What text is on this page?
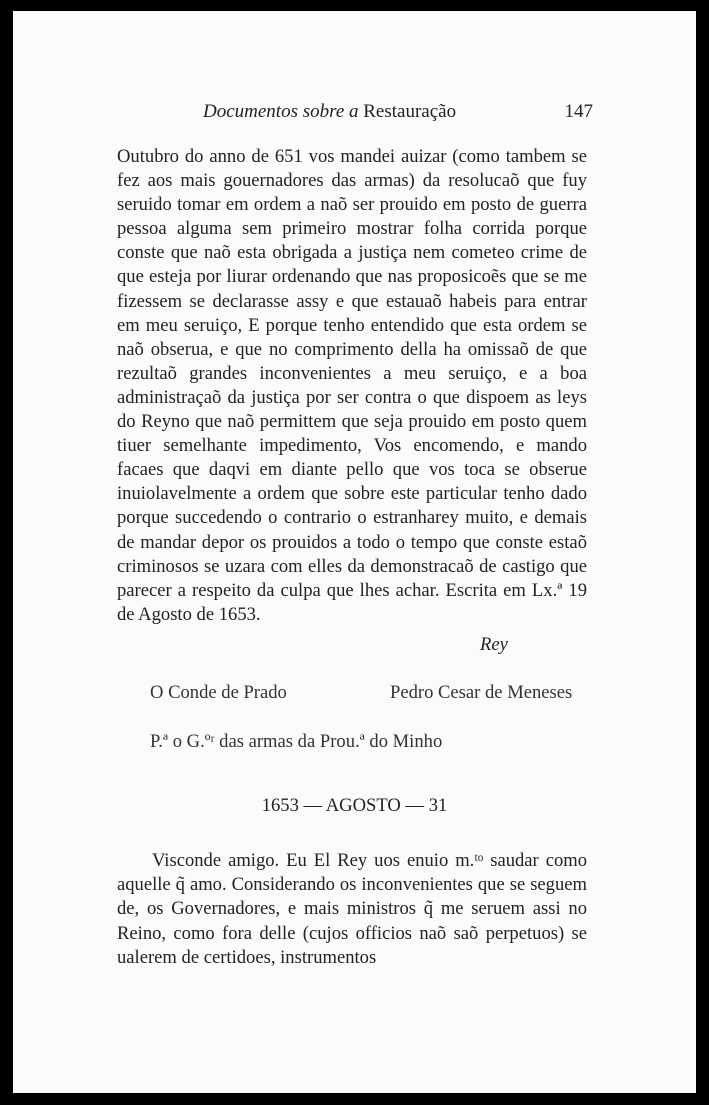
Documentos sobre a Restauração	147
Outubro do anno de 651 vos mandei auizar (como tambem se fez aos mais gouernadores das armas) da resolucaõ que fuy seruido tomar em ordem a naõ ser prouido em posto de guerra pessoa alguma sem primeiro mostrar folha corrida porque conste que naõ esta obrigada a justiça nem cometeo crime de que esteja por liurar ordenando que nas proposicoẽs que se me fizessem se declarasse assy e que estauaõ habeis para entrar em meu seruiço, E porque tenho entendido que esta ordem se naõ obserua, e que no comprimento della ha omissaõ de que rezultaõ grandes inconvenientes a meu seruiço, e a boa administraçaõ da justiça por ser contra o que dispoem as leys do Reyno que naõ permittem que seja prouido em posto quem tiuer semelhante impedimento, Vos encomendo, e mando facaes que daqvi em diante pello que vos toca se obserue inuiolavelmente a ordem que sobre este particular tenho dado porque succedendo o contrario o estranharey muito, e demais de mandar depor os prouidos a todo o tempo que conste estaõ criminosos se uzara com elles da demonstracaõ de castigo que parecer a respeito da culpa que lhes achar. Escrita em Lx.ª 19 de Agosto de 1653.
Rey
O Conde de Prado	Pedro Cesar de Meneses
P.ª o G.ºʳ das armas da Prou.ª do Minho
1653 — AGOSTO — 31
Visconde amigo. Eu El Rey uos enuio m.ᵗᵒ saudar como aquelle q̃ amo. Considerando os inconvenientes que se seguem de, os Governadores, e mais ministros q̃ me seruem assi no Reino, como fora delle (cujos officios naõ saõ perpetuos) se ualerem de certidoes, instrumentos
